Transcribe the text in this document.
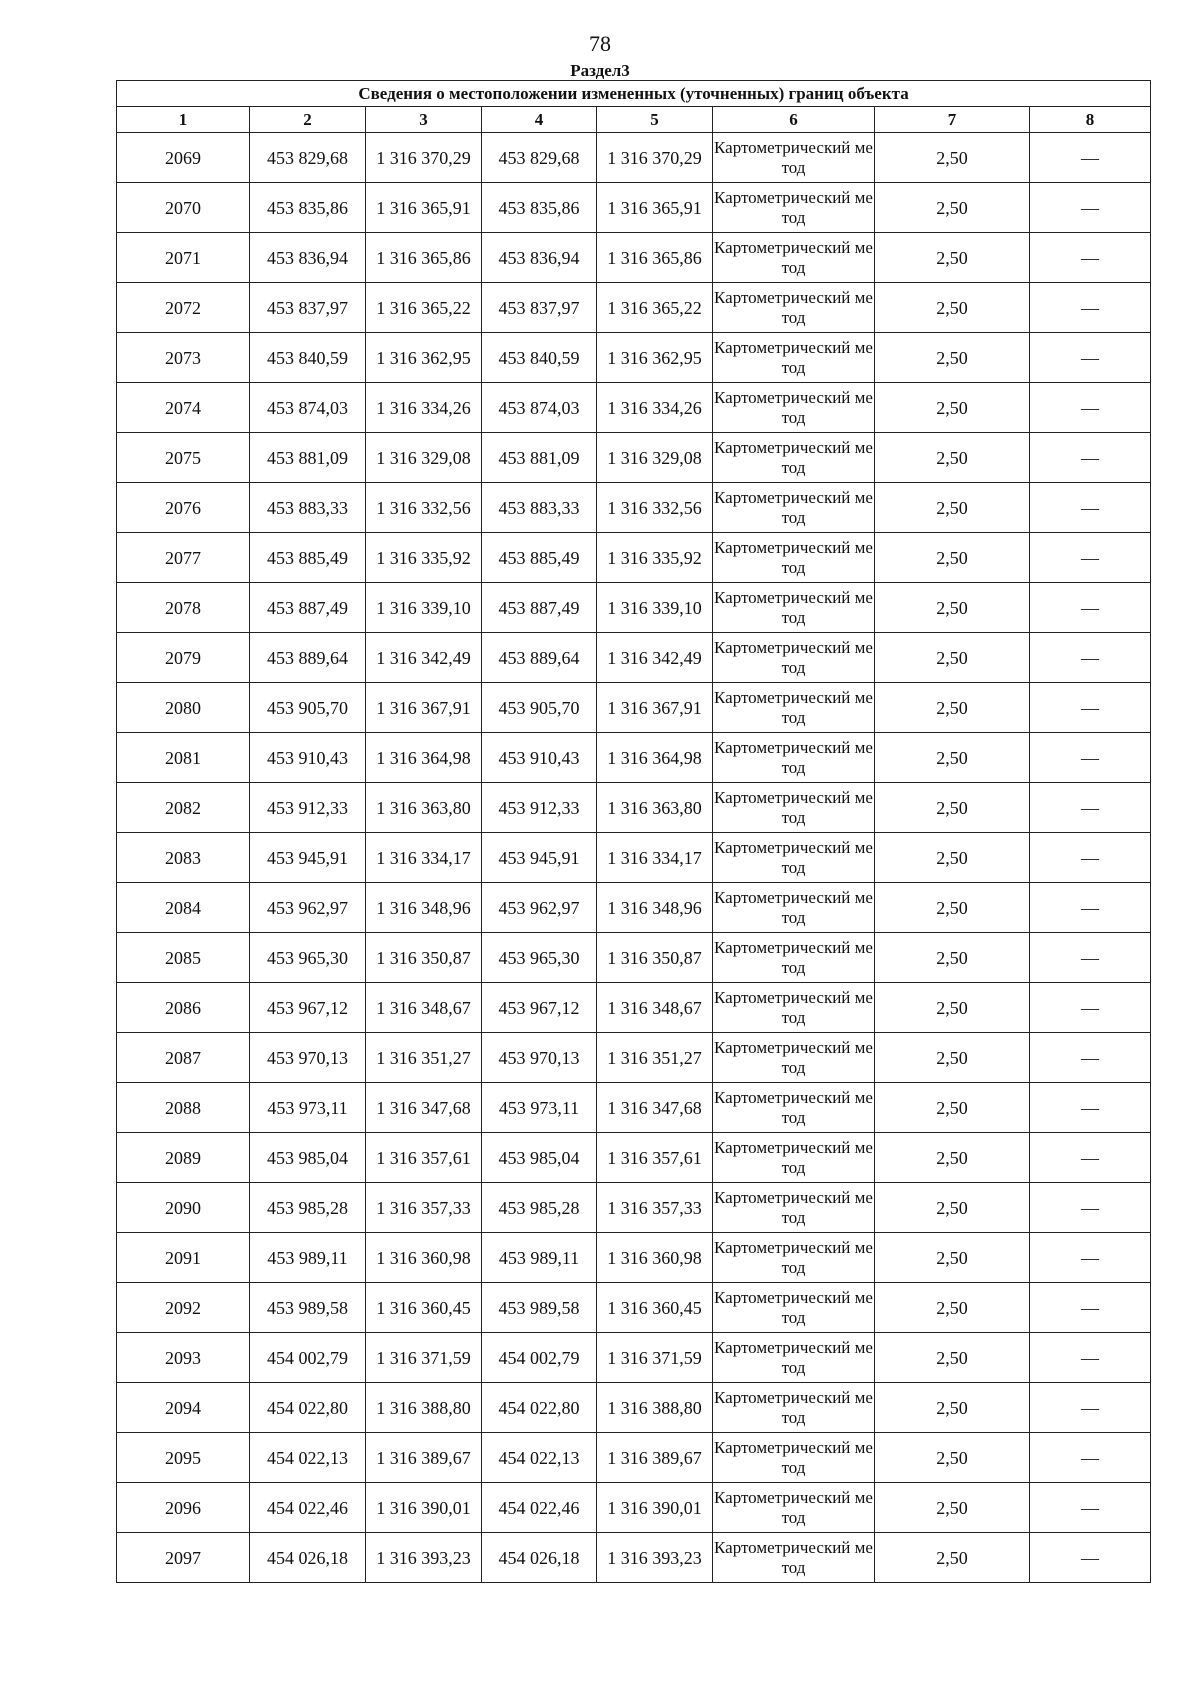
78
Раздел3
Сведения о местоположении измененных (уточненных) границ объекта							
1	2	3	4	5	6	7	8
2069	453 829,68	1 316 370,29	453 829,68	1 316 370,29	Картометрический метод	2,50	—
2070	453 835,86	1 316 365,91	453 835,86	1 316 365,91	Картометрический метод	2,50	—
2071	453 836,94	1 316 365,86	453 836,94	1 316 365,86	Картометрический метод	2,50	—
2072	453 837,97	1 316 365,22	453 837,97	1 316 365,22	Картометрический метод	2,50	—
2073	453 840,59	1 316 362,95	453 840,59	1 316 362,95	Картометрический метод	2,50	—
2074	453 874,03	1 316 334,26	453 874,03	1 316 334,26	Картометрический метод	2,50	—
2075	453 881,09	1 316 329,08	453 881,09	1 316 329,08	Картометрический метод	2,50	—
2076	453 883,33	1 316 332,56	453 883,33	1 316 332,56	Картометрический метод	2,50	—
2077	453 885,49	1 316 335,92	453 885,49	1 316 335,92	Картометрический метод	2,50	—
2078	453 887,49	1 316 339,10	453 887,49	1 316 339,10	Картометрический метод	2,50	—
2079	453 889,64	1 316 342,49	453 889,64	1 316 342,49	Картометрический метод	2,50	—
2080	453 905,70	1 316 367,91	453 905,70	1 316 367,91	Картометрический метод	2,50	—
2081	453 910,43	1 316 364,98	453 910,43	1 316 364,98	Картометрический метод	2,50	—
2082	453 912,33	1 316 363,80	453 912,33	1 316 363,80	Картометрический метод	2,50	—
2083	453 945,91	1 316 334,17	453 945,91	1 316 334,17	Картометрический метод	2,50	—
2084	453 962,97	1 316 348,96	453 962,97	1 316 348,96	Картометрический метод	2,50	—
2085	453 965,30	1 316 350,87	453 965,30	1 316 350,87	Картометрический метод	2,50	—
2086	453 967,12	1 316 348,67	453 967,12	1 316 348,67	Картометрический метод	2,50	—
2087	453 970,13	1 316 351,27	453 970,13	1 316 351,27	Картометрический метод	2,50	—
2088	453 973,11	1 316 347,68	453 973,11	1 316 347,68	Картометрический метод	2,50	—
2089	453 985,04	1 316 357,61	453 985,04	1 316 357,61	Картометрический метод	2,50	—
2090	453 985,28	1 316 357,33	453 985,28	1 316 357,33	Картометрический метод	2,50	—
2091	453 989,11	1 316 360,98	453 989,11	1 316 360,98	Картометрический метод	2,50	—
2092	453 989,58	1 316 360,45	453 989,58	1 316 360,45	Картометрический метод	2,50	—
2093	454 002,79	1 316 371,59	454 002,79	1 316 371,59	Картометрический метод	2,50	—
2094	454 022,80	1 316 388,80	454 022,80	1 316 388,80	Картометрический метод	2,50	—
2095	454 022,13	1 316 389,67	454 022,13	1 316 389,67	Картометрический метод	2,50	—
2096	454 022,46	1 316 390,01	454 022,46	1 316 390,01	Картометрический метод	2,50	—
2097	454 026,18	1 316 393,23	454 026,18	1 316 393,23	Картометрический метод	2,50	—
